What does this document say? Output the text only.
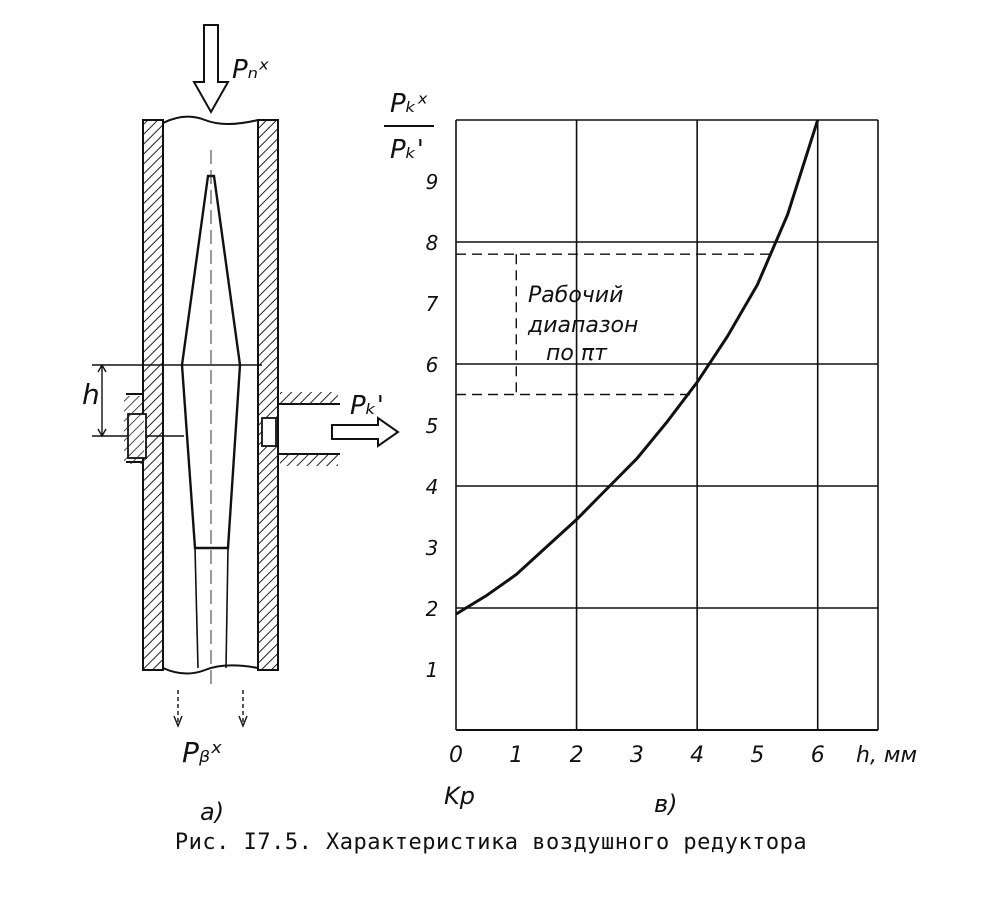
h	Pₖ'
Pₙˣ
Pᵦˣ
а)
1
2
3
4
5
6
7
8
9
0 1 2 3 4 5 6
Pₖˣ
Pₖ'
h, мм
Рабочий
диапазон
по πт
Kp	в)
Рис. I7.5. Характеристика воздушного редуктора
